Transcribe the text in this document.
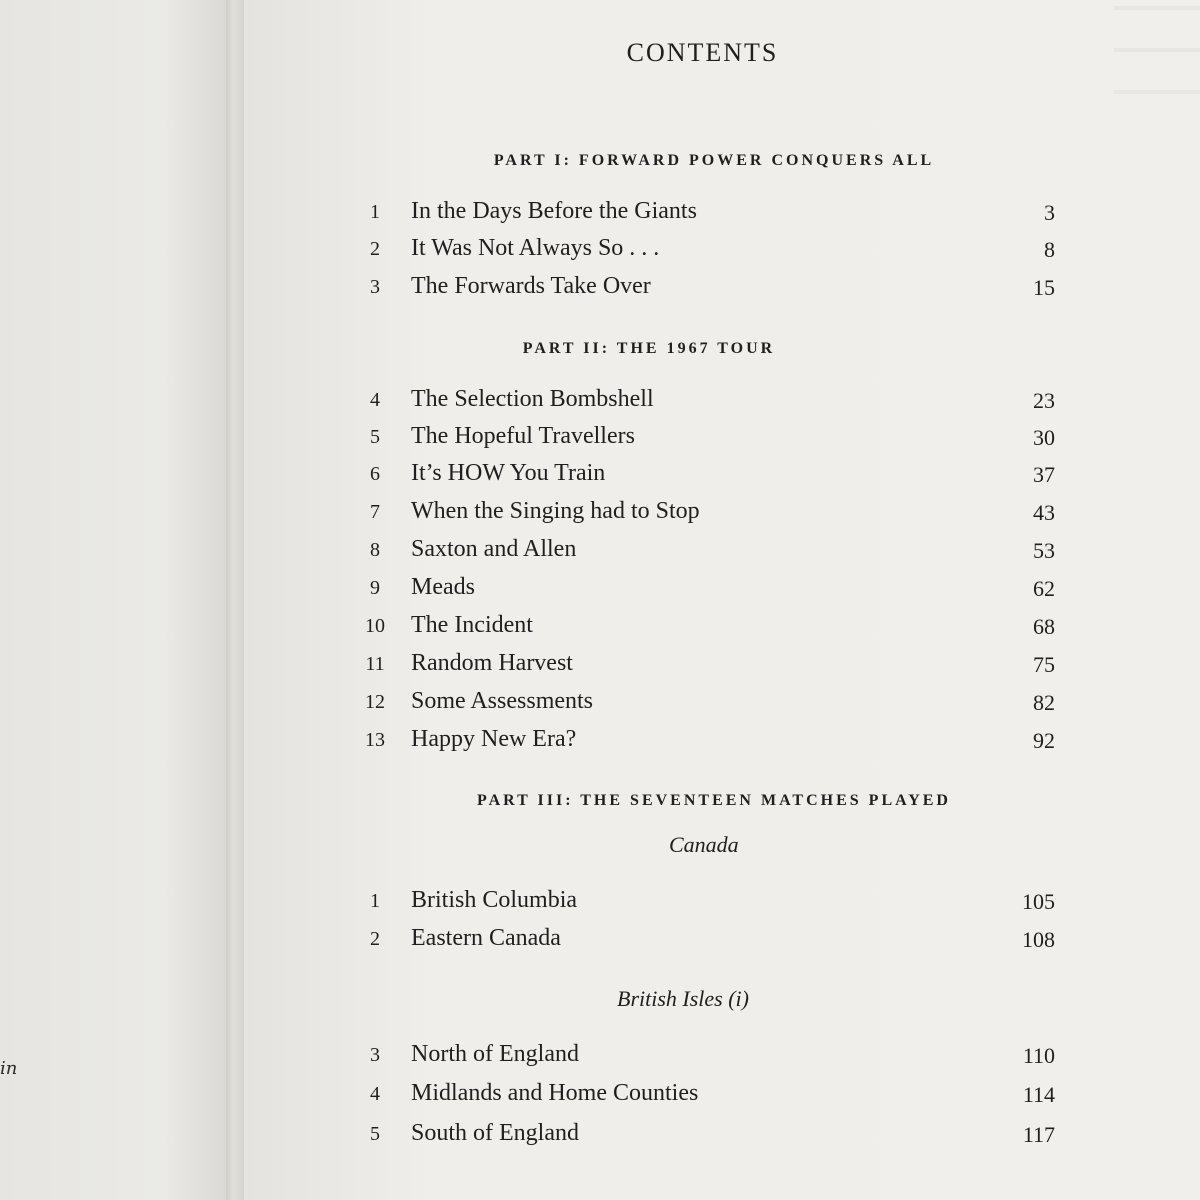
in
CONTENTS
PART I: FORWARD POWER CONQUERS ALL
1	In the Days Before the Giants	3
2	It Was Not Always So . . .	8
3	The Forwards Take Over	15
PART II: THE 1967 TOUR
4	The Selection Bombshell	23
5	The Hopeful Travellers	30
6	It’s HOW You Train	37
7	When the Singing had to Stop	43
8	Saxton and Allen	53
9	Meads	62
10	The Incident	68
11	Random Harvest	75
12	Some Assessments	82
13	Happy New Era?	92
PART III: THE SEVENTEEN MATCHES PLAYED
Canada
1	British Columbia	105
2	Eastern Canada	108
British Isles (i)
3	North of England	110
4	Midlands and Home Counties	114
5	South of England	117
